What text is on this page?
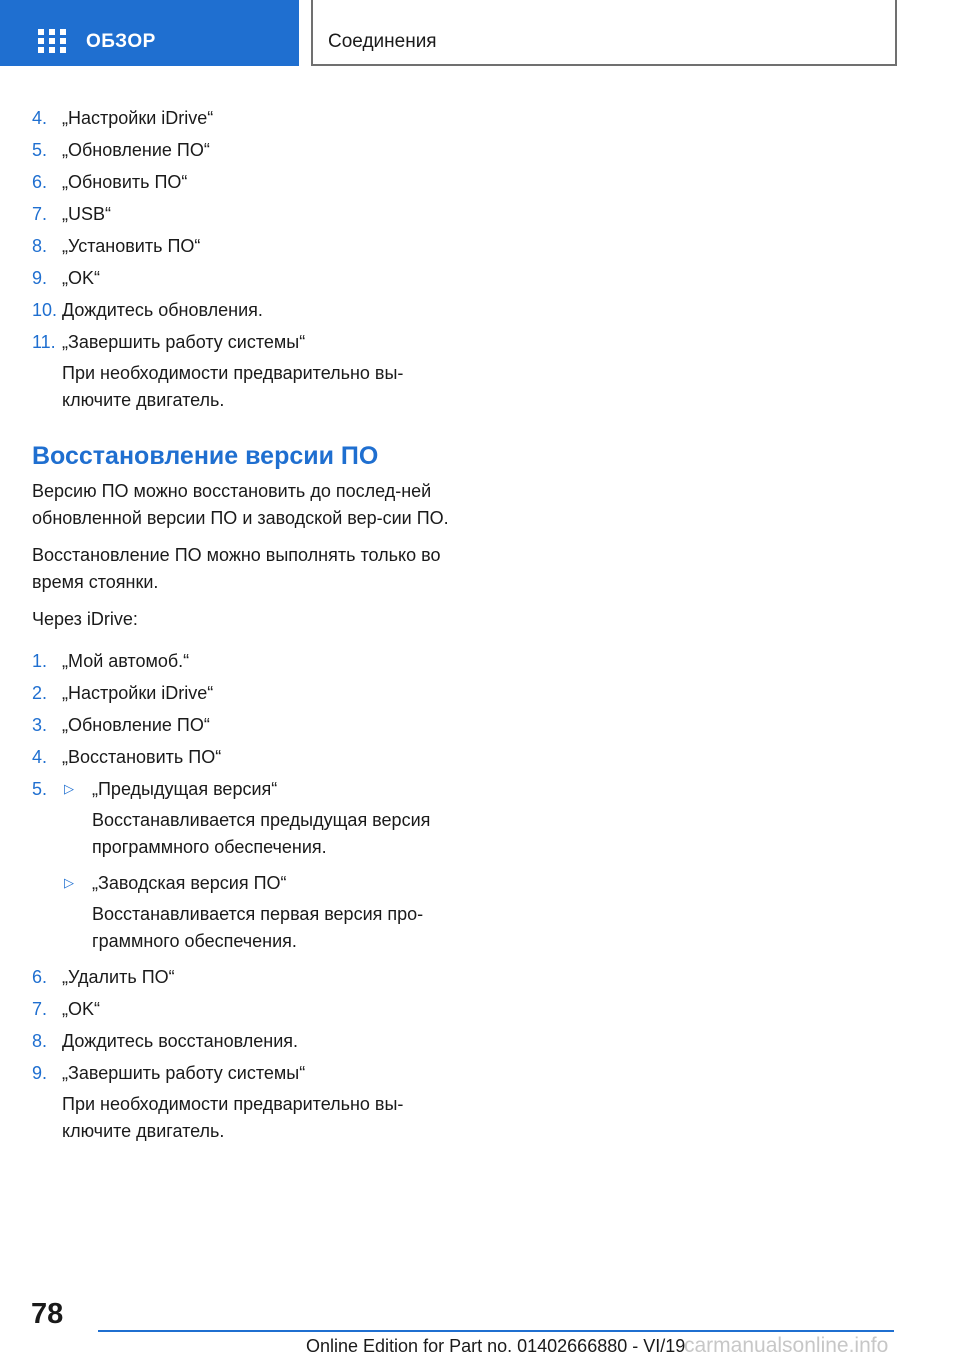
ОБЗОР	Соединения
4. „Настройки iDrive“
5. „Обновление ПО“
6. „Обновить ПО“
7. „USB“
8. „Установить ПО“
9. „OK“
10. Дождитесь обновления.
11. „Завершить работу системы“

При необходимости предварительно вы-ключите двигатель.

Восстановление версии ПО

Версию ПО можно восстановить до послед-ней обновленной версии ПО и заводской вер-сии ПО.

Восстановление ПО можно выполнять только во время стоянки.

Через iDrive:

1. „Мой автомоб.“
2. „Настройки iDrive“
3. „Обновление ПО“
4. „Восстановить ПО“
5. ▷ „Предыдущая версия“

Восстанавливается предыдущая версия программного обеспечения.

▷ „Заводская версия ПО“

Восстанавливается первая версия про-граммного обеспечения.

6. „Удалить ПО“
7. „OK“
8. Дождитесь восстановления.
9. „Завершить работу системы“

При необходимости предварительно вы-ключите двигатель.

78
Online Edition for Part no. 01402666880 - VI/19
carmanualsonline.info
